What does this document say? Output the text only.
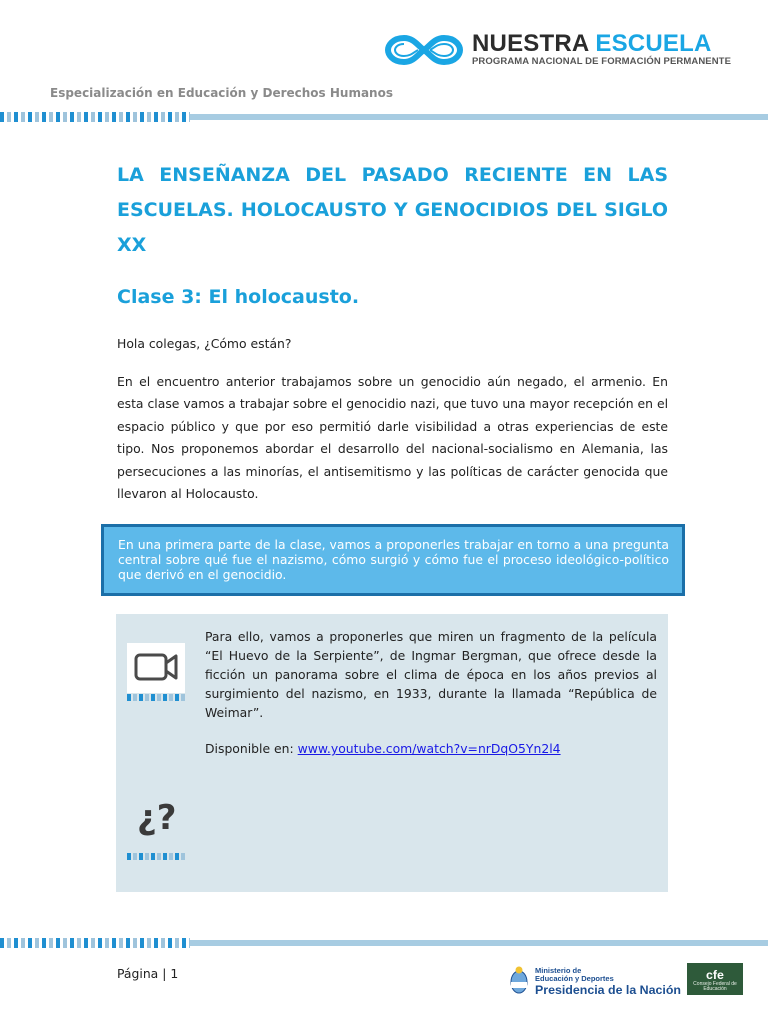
NUESTRA ESCUELA
PROGRAMA NACIONAL DE FORMACIÓN PERMANENTE
Especialización en Educación y Derechos Humanos
LA ENSEÑANZA DEL PASADO RECIENTE EN LAS ESCUELAS. HOLOCAUSTO Y GENOCIDIOS DEL SIGLO XX
Clase 3: El holocausto.
Hola colegas, ¿Cómo están?
En el encuentro anterior trabajamos sobre un genocidio aún negado, el armenio. En esta clase vamos a trabajar sobre el genocidio nazi, que tuvo una mayor recepción en el espacio público y que por eso permitió darle visibilidad a otras experiencias de este tipo. Nos proponemos abordar el desarrollo del nacional-socialismo en Alemania, las persecuciones a las minorías, el antisemitismo y las políticas de carácter genocida que llevaron al Holocausto.
En una primera parte de la clase, vamos a proponerles trabajar en torno a una pregunta central sobre qué fue el nazismo, cómo surgió y cómo fue el proceso ideológico-político que derivó en el genocidio.
Para ello, vamos a proponerles que miren un fragmento de la película “El Huevo de la Serpiente”, de Ingmar Bergman, que ofrece desde la ficción un panorama sobre el clima de época en los años previos al surgimiento del nazismo, en 1933, durante la llamada “República de Weimar”.
Disponible en: www.youtube.com/watch?v=nrDqO5Yn2l4
¿?
Página | 1	Ministerio de
Educación y Deportes
Presidencia de la Nación
cfe
Consejo Federal de Educación
